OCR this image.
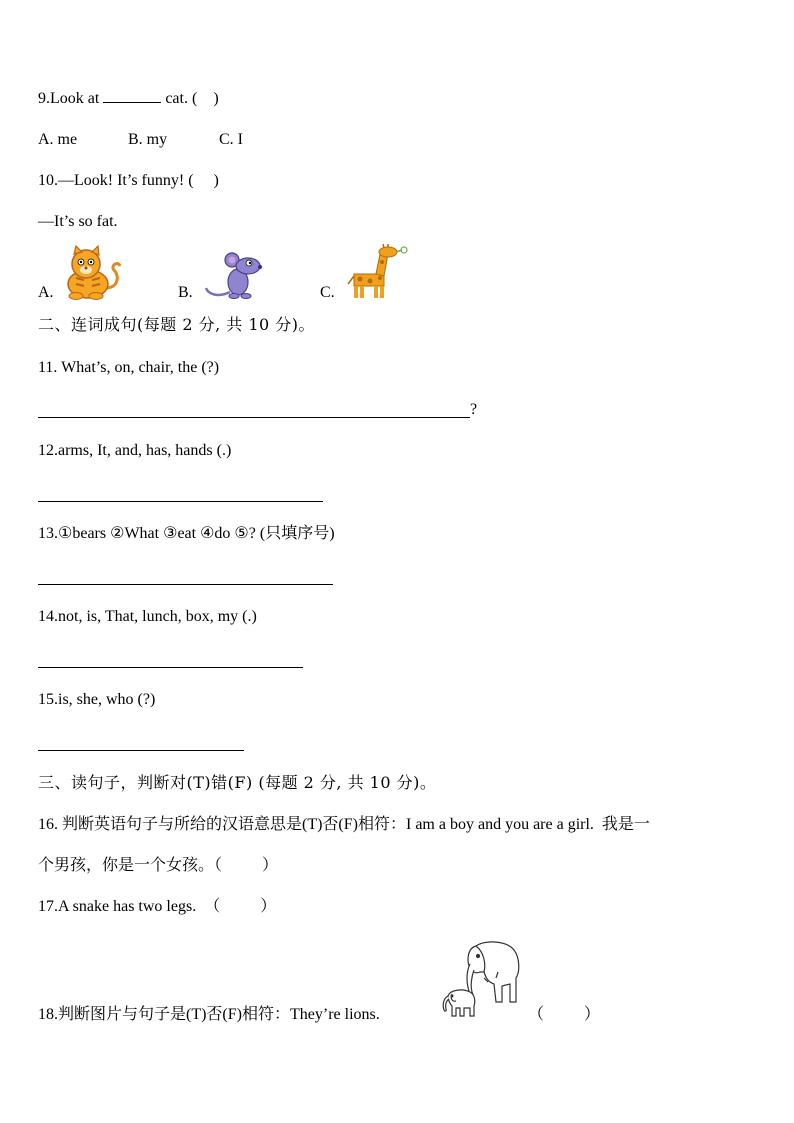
9.Look at	cat. (    )
A. me	B. my	C. I
10.—Look! It’s funny! (     )
—It’s so fat.
A.	B.	C.
二、连词成句(每题 2 分, 共 10 分)。
11. What’s, on, chair, the (?)
?
12.arms, It, and, has, hands (.)
13.①bears ②What ③eat ④do ⑤? (只填序号)
14.not, is, That, lunch, box, my (.)
15.is, she, who (?)
三、读句子，判断对(T)错(F) (每题 2 分, 共 10 分)。
16. 判断英语句子与所给的汉语意思是(T)否(F)相符：I am a boy and you are a girl.  我是一
个男孩，你是一个女孩。（          ）
17.A snake has two legs.  （          ）
18.判断图片与句子是(T)否(F)相符：They’re lions.	（          ）
